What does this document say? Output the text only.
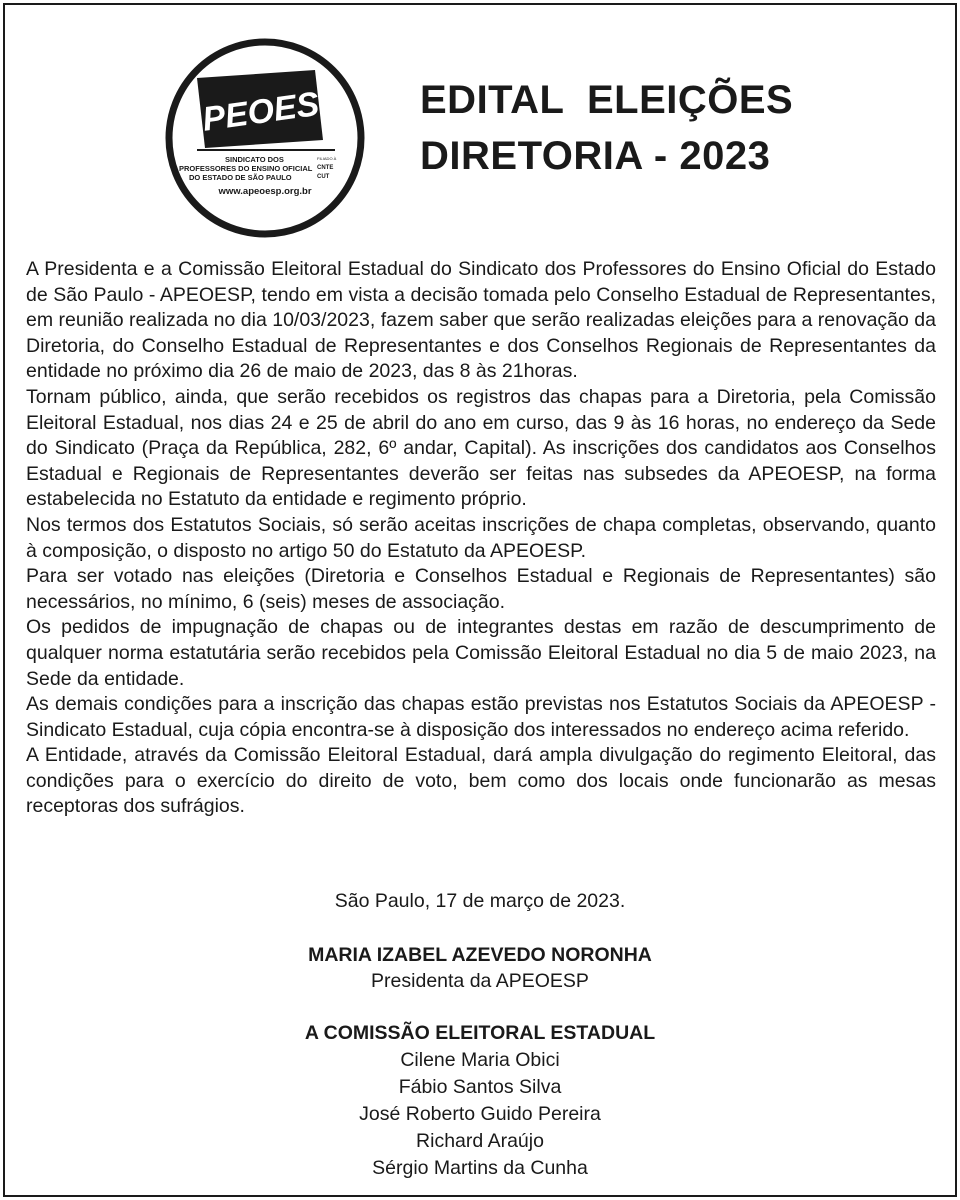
APEOESP
SINDICATO DOS
PROFESSORES DO ENSINO OFICIAL
DO ESTADO DE SÃO PAULO
FILIADO À
CNTE
CUT
www.apeoesp.org.br
EDITAL  ELEIÇÕES
DIRETORIA - 2023

A Presidenta e a Comissão Eleitoral Estadual do Sindicato dos Professores do Ensino Oficial do Estado de São Paulo - APEOESP, tendo em vista a decisão tomada pelo Conselho Estadual de Representantes, em reunião realizada no dia 10/03/2023, fazem saber que serão realizadas eleições para a renovação da Diretoria, do Conselho Estadual de Representantes e dos Conselhos Regionais de Representantes da entidade no próximo dia 26 de maio de 2023, das 8 às 21horas.

Tornam público, ainda, que serão recebidos os registros das chapas para a Diretoria, pela Comissão Eleitoral Estadual, nos dias 24 e 25 de abril do ano em curso, das 9 às 16 horas, no endereço da Sede do Sindicato (Praça da República, 282, 6º andar, Capital). As inscrições dos candidatos aos Conselhos Estadual e Regionais de Representantes deverão ser feitas nas subsedes da APEOESP, na forma estabelecida no Estatuto da entidade e regimento próprio.

Nos termos dos Estatutos Sociais, só serão aceitas inscrições de chapa completas, observando, quanto à composição, o disposto no artigo 50 do Estatuto da APEOESP.

Para ser votado nas eleições (Diretoria e Conselhos Estadual e Regionais de Representantes) são necessários, no mínimo, 6 (seis) meses de associação.

Os pedidos de impugnação de chapas ou de integrantes destas em razão de descumprimento de qualquer norma estatutária serão recebidos pela Comissão Eleitoral Estadual no dia 5 de maio 2023, na Sede da entidade.

As demais condições para a inscrição das chapas estão previstas nos Estatutos Sociais da APEOESP - Sindicato Estadual, cuja cópia encontra-se à disposição dos interessados no endereço acima referido.

A Entidade, através da Comissão Eleitoral Estadual, dará ampla divulgação do regimento Eleitoral, das condições para o exercício do direito de voto, bem como dos locais onde funcionarão as mesas receptoras dos sufrágios.

São Paulo, 17 de março de 2023.
MARIA IZABEL AZEVEDO NORONHA
Presidenta da APEOESP
A COMISSÃO ELEITORAL ESTADUAL
Cilene Maria Obici
Fábio Santos Silva
José Roberto Guido Pereira
Richard Araújo
Sérgio Martins da Cunha
